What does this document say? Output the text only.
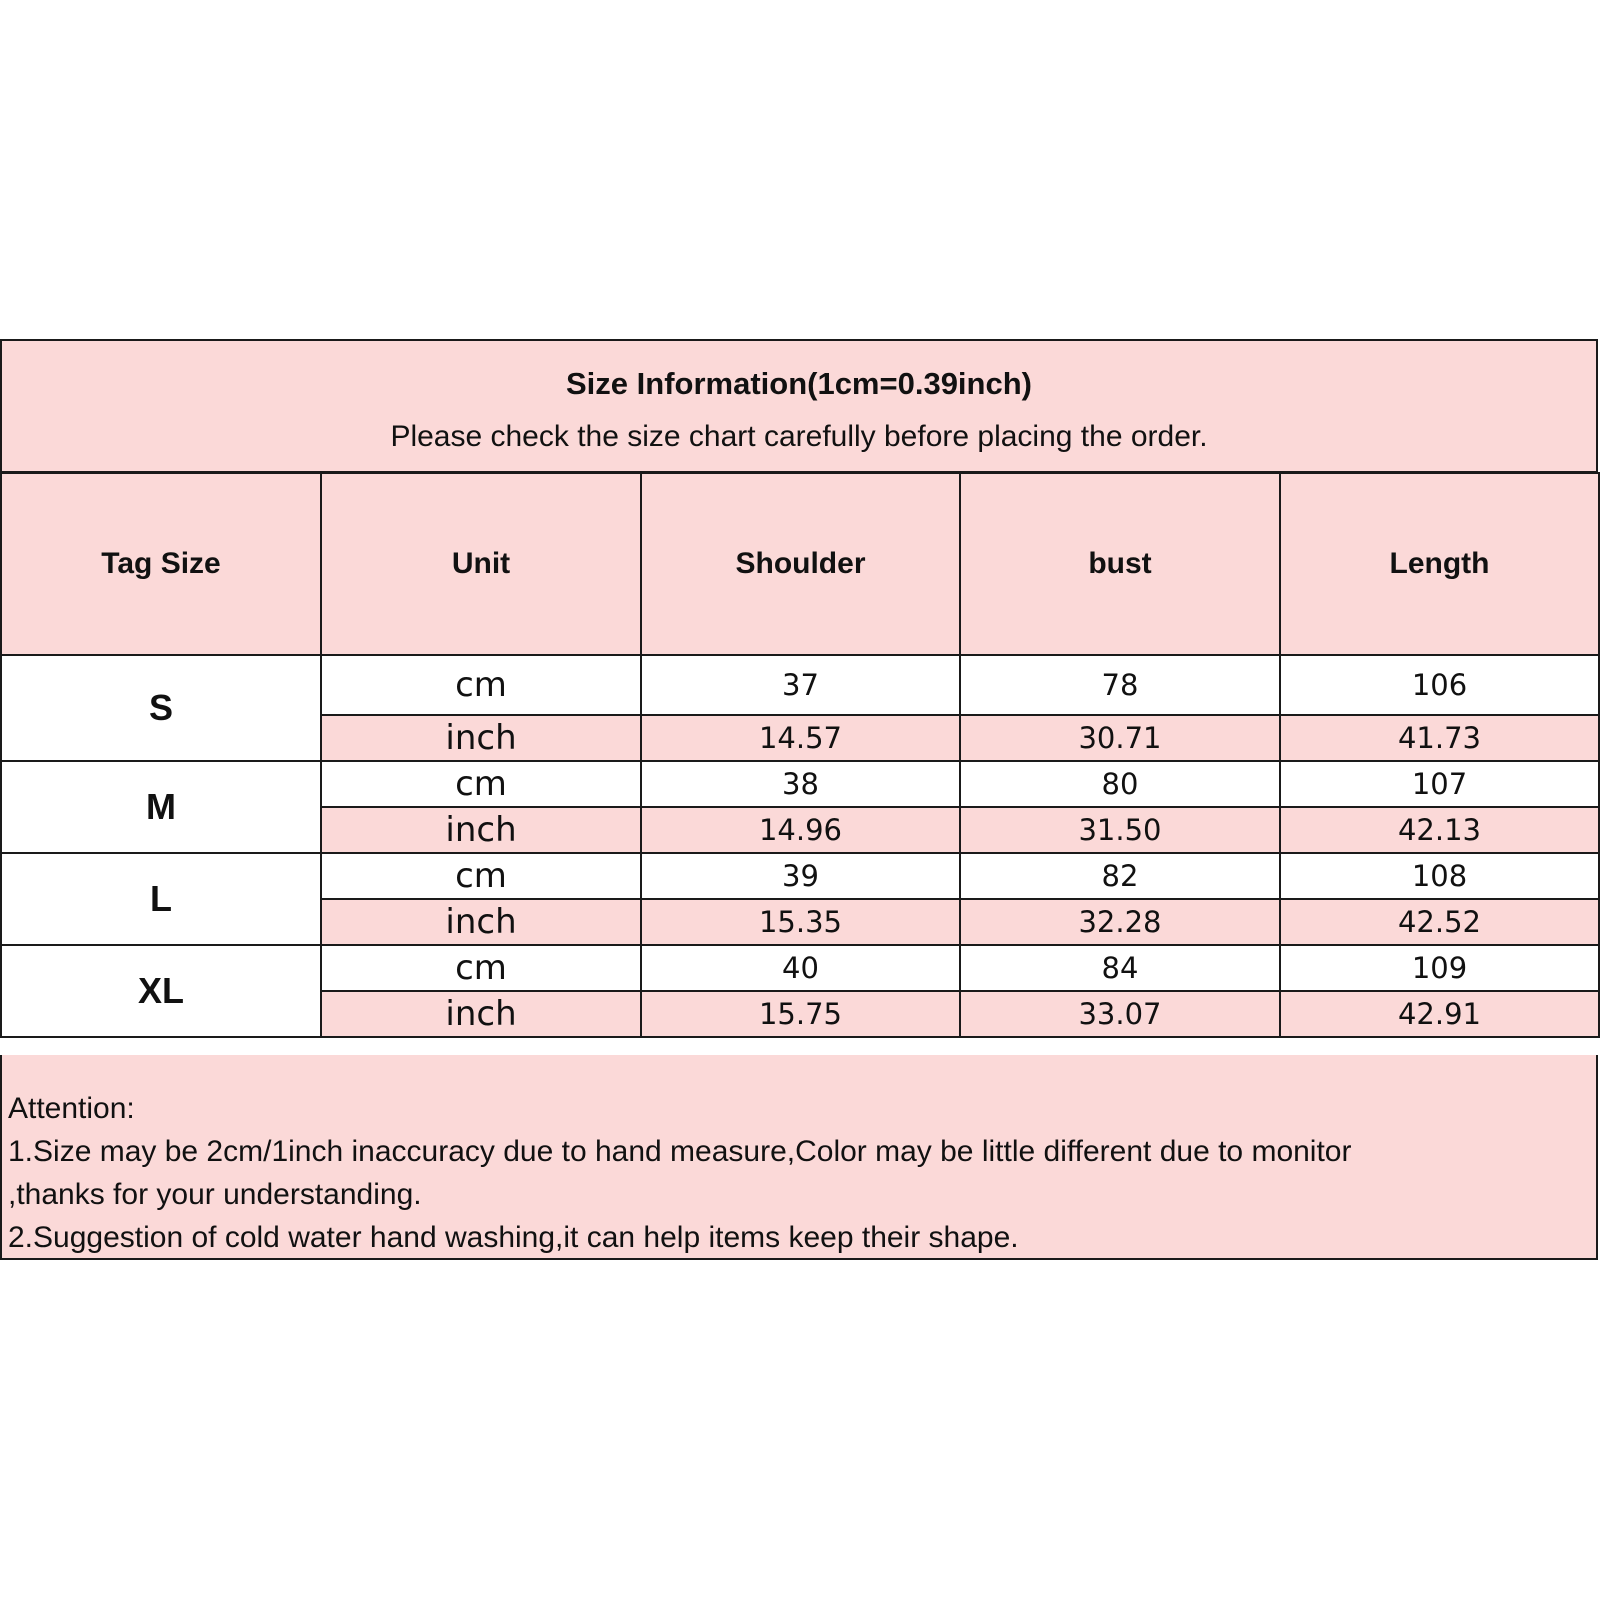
Size Information(1cm=0.39inch)
Please check the size chart carefully before placing the order.
Tag Size	Unit	Shoulder	bust	Length
S	cm	37	78	106
	inch	14.57	30.71	41.73
M	cm	38	80	107
	inch	14.96	31.50	42.13
L	cm	39	82	108
	inch	15.35	32.28	42.52
XL	cm	40	84	109
	inch	15.75	33.07	42.91
Attention:
1.Size may be 2cm/1inch inaccuracy due to hand measure,Color may be little different due to monitor
,thanks for your understanding.
2.Suggestion of cold water hand washing,it can help items keep their shape.
